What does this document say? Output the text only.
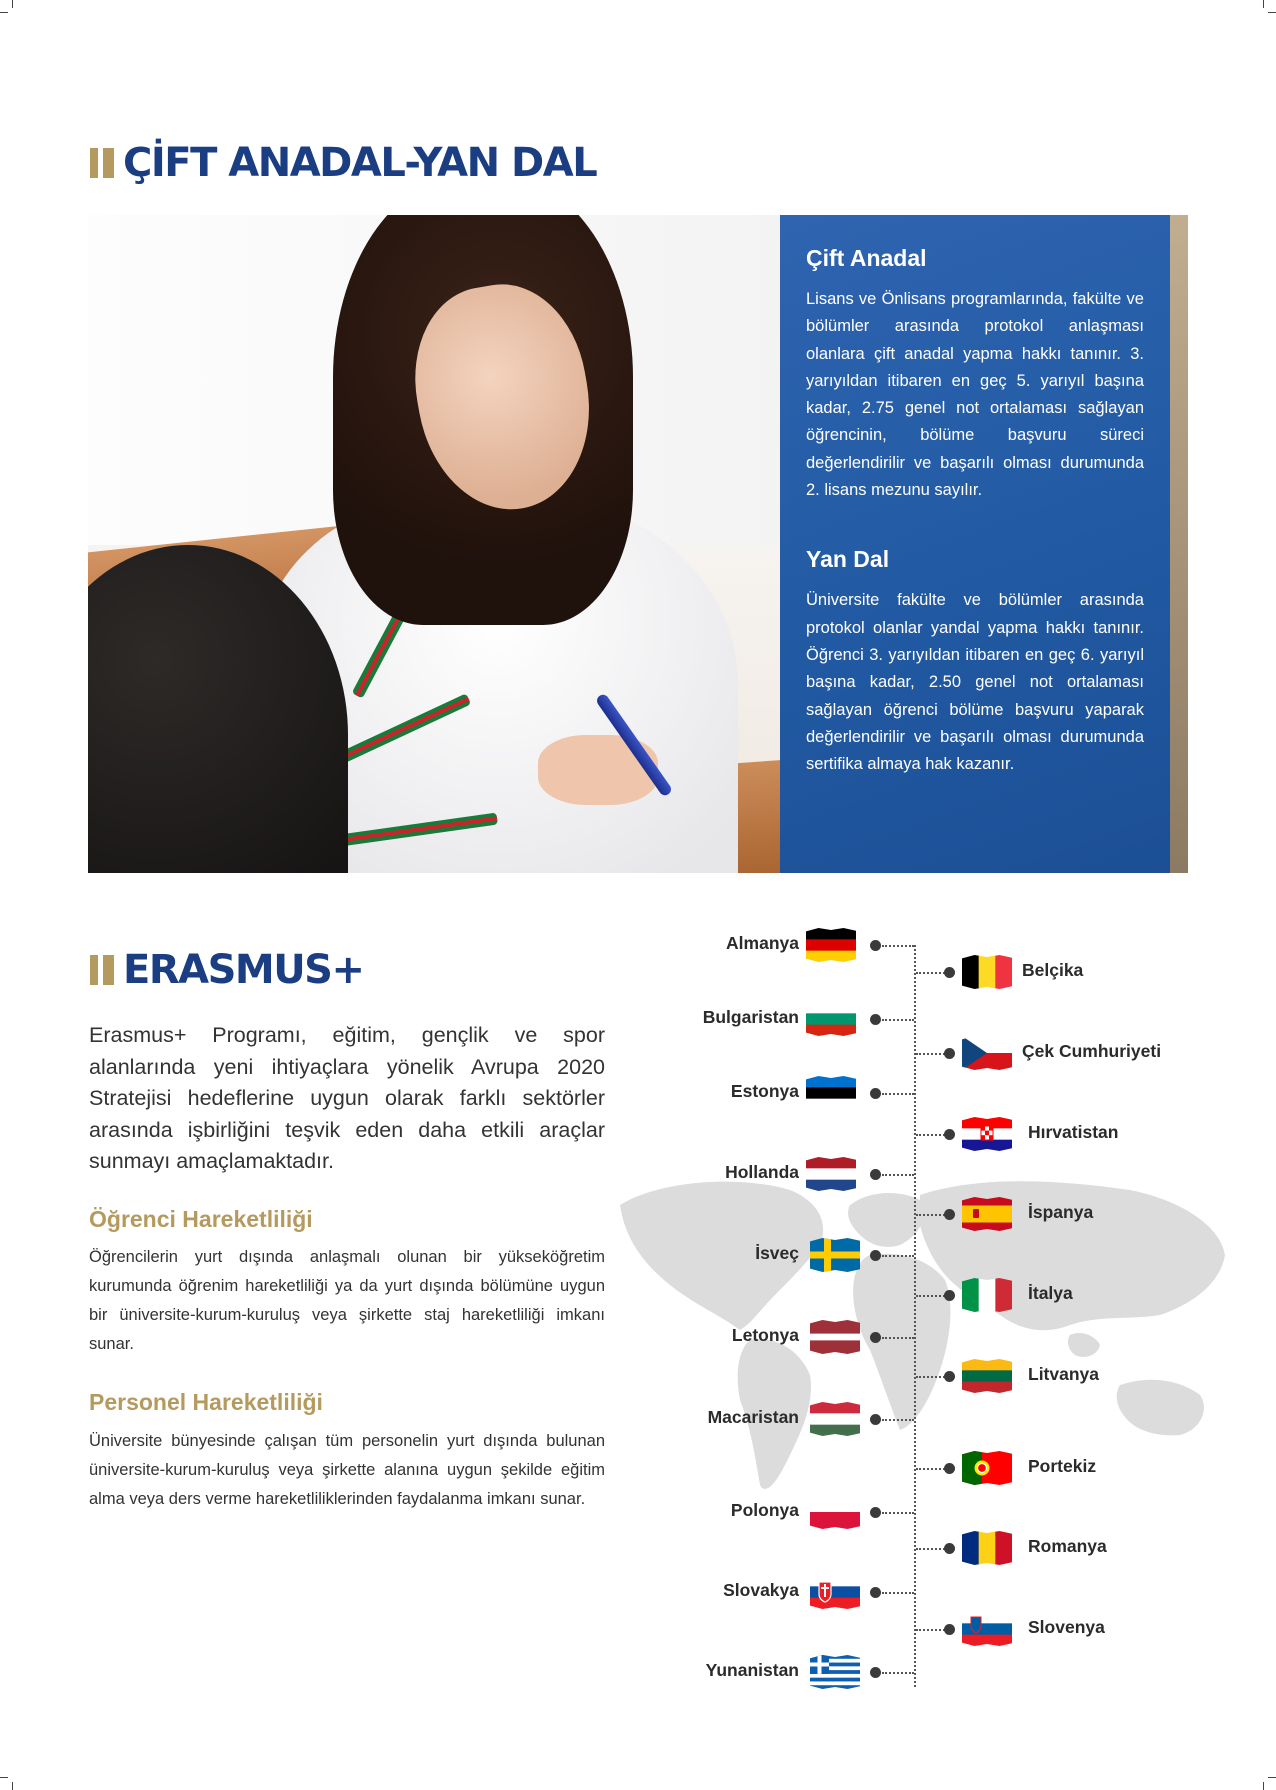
ÇİFT ANADAL-YAN DAL
Çift Anadal

Lisans ve Önlisans programlarında, fakülte ve bölümler arasında protokol anlaşması olanlara çift anadal yapma hakkı tanınır. 3. yarıyıldan itibaren en geç 5. yarıyıl başına kadar, 2.75 genel not ortalaması sağlayan öğrencinin, bölüme başvuru süreci değerlendirilir ve başarılı olması durumunda 2. lisans mezunu sayılır.

Yan Dal

Üniversite fakülte ve bölümler arasında protokol olanlar yandal yapma hakkı tanınır. Öğrenci 3. yarıyıldan itibaren en geç 6. yarıyıl başına kadar, 2.50 genel not ortalaması sağlayan öğrenci bölüme başvuru yaparak değerlendirilir ve başarılı olması durumunda sertifika almaya hak kazanır.

ERASMUS+

Erasmus+ Programı, eğitim, gençlik ve spor alanlarında yeni ihtiyaçlara yönelik Avrupa 2020 Stratejisi hedeflerine uygun olarak farklı sektörler arasında işbirliğini teşvik eden daha etkili araçlar sunmayı amaçlamaktadır.

Öğrenci Hareketliliği

Öğrencilerin yurt dışında anlaşmalı olunan bir yükseköğretim kurumunda öğrenim hareketliliği ya da yurt dışında bölümüne uygun bir üniversite-kurum-kuruluş veya şirkette staj hareketliliği imkanı sunar.

Personel Hareketliliği

Üniversite bünyesinde çalışan tüm personelin yurt dışında bulunan üniversite-kurum-kuruluş veya şirkette alanına uygun şekilde eğitim alma veya ders verme hareketliliklerinden faydalanma imkanı sunar.

Almanya
Bulgaristan
Estonya
Hollanda
İsveç
Letonya
Macaristan
Polonya
Slovakya
Yunanistan
Belçika
Çek Cumhuriyeti
Hırvatistan
İspanya
İtalya
Litvanya
Portekiz
Romanya
Slovenya
